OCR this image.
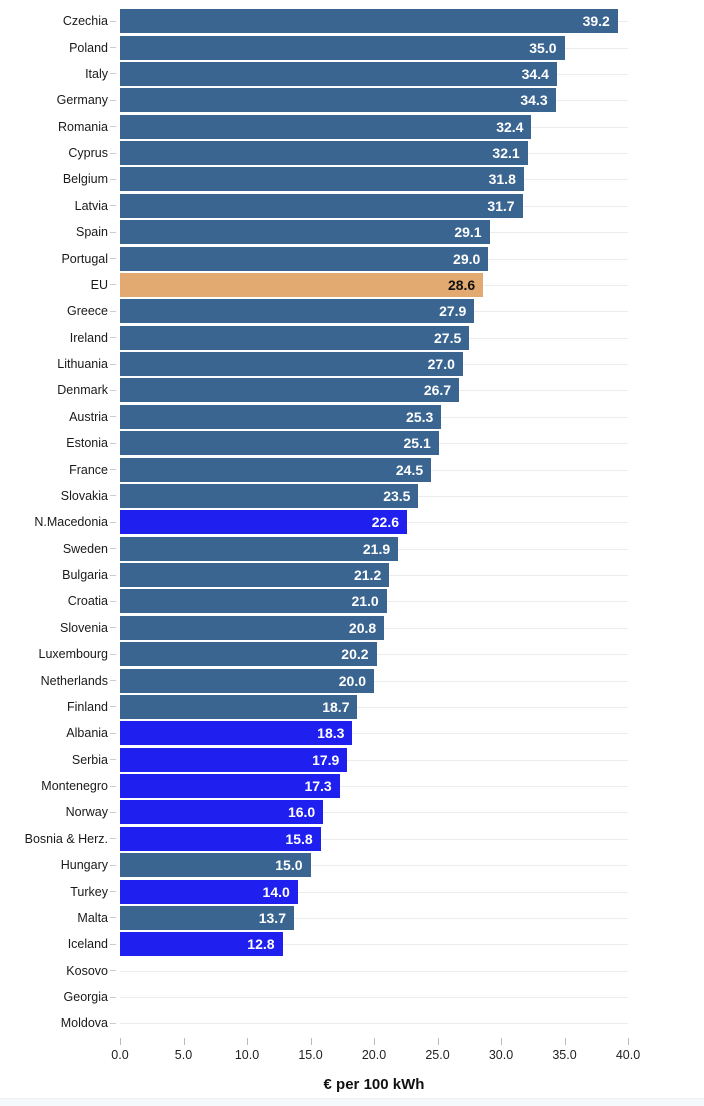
Czechia	39.2
Poland	35.0
Italy	34.4
Germany	34.3
Romania	32.4
Cyprus	32.1
Belgium	31.8
Latvia	31.7
Spain	29.1
Portugal	29.0
EU	28.6
Greece	27.9
Ireland	27.5
Lithuania	27.0
Denmark	26.7
Austria	25.3
Estonia	25.1
France	24.5
Slovakia	23.5
N.Macedonia	22.6
Sweden	21.9
Bulgaria	21.2
Croatia	21.0
Slovenia	20.8
Luxembourg	20.2
Netherlands	20.0
Finland	18.7
Albania	18.3
Serbia	17.9
Montenegro	17.3
Norway	16.0
Bosnia & Herz.	15.8
Hungary	15.0
Turkey	14.0
Malta	13.7
Iceland	12.8
Kosovo
Georgia
Moldova
0.0	5.0	10.0	15.0	20.0	25.0	30.0	35.0	40.0
€ per 100 kWh
